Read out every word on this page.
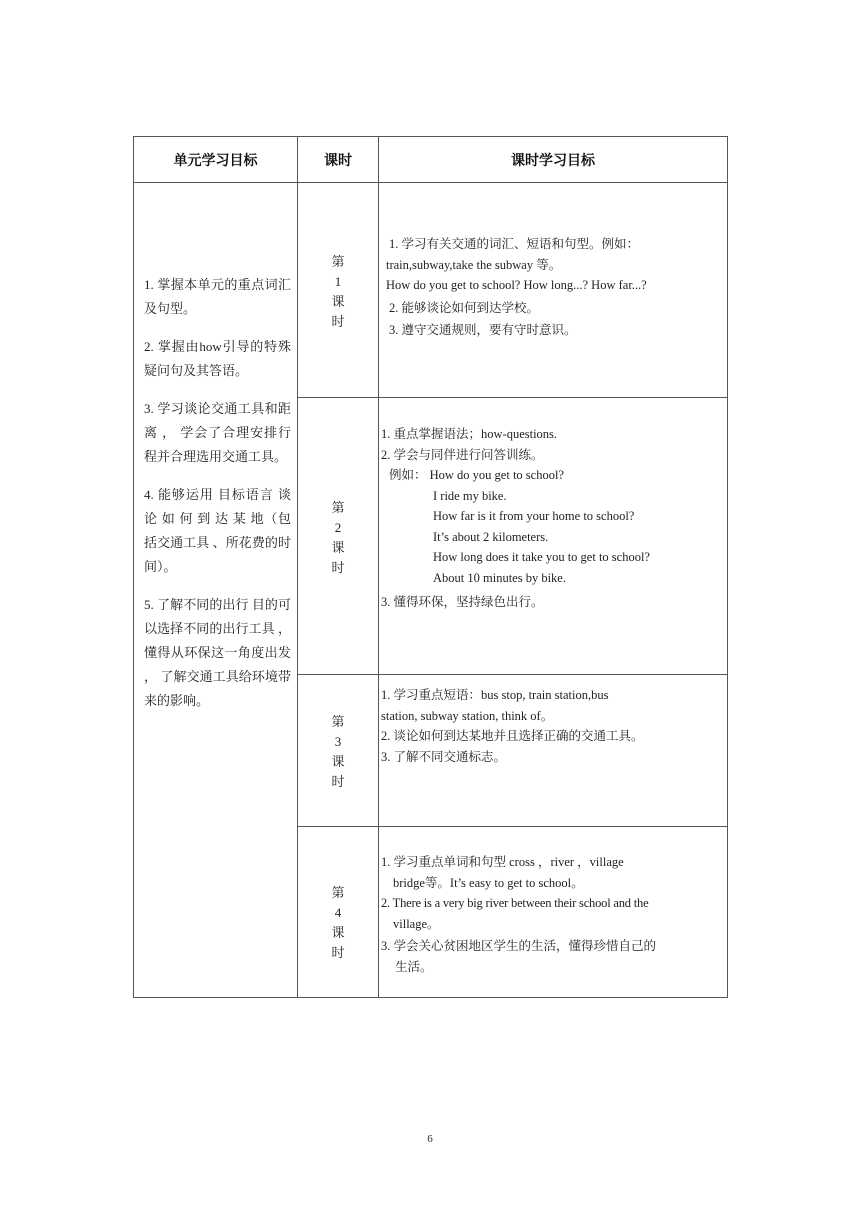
单元学习目标	课时	课时学习目标

1. 掌握本单元的重点词汇及句型。

2. 掌握由how引导的特殊疑问句及其答语。

3. 学习谈论交通工具和距离 ， 学会了合理安排行程并合理选用交通工具。

4. 能够运用 目标语言 谈 论 如 何 到 达 某 地（包括交通工具 、所花费的时间）。

5. 了解不同的出行 目的可以选择不同的出行工具 ，懂得从环保这一角度出发 ， 了解交通工具给环境带来的影响。

第
1
课
时
1. 学习有关交通的词汇、短语和句型。例如：
train,subway,take the subway 等。
How do you get to school? How long...? How far...?
2. 能够谈论如何到达学校。
3. 遵守交通规则，要有守时意识。
第
2
课
时
1. 重点掌握语法；how-questions.
2. 学会与同伴进行问答训练。
例如： How do you get to school?
I ride my bike.
How far is it from your home to school?
It’s about 2 kilometers.
How long does it take you to get to school?
About 10 minutes by bike.
3. 懂得环保，坚持绿色出行。
第
3
课
时
1. 学习重点短语：bus stop, train station,bus
station, subway station, think of。
2. 谈论如何到达某地并且选择正确的交通工具。
3. 了解不同交通标志。
第
4
课
时
1. 学习重点单词和句型 cross ，river ，village
bridge等。It’s easy to get to school。
2. There is a very big river between their school and the
village。
3. 学会关心贫困地区学生的生活，懂得珍惜自己的
生活。
6
